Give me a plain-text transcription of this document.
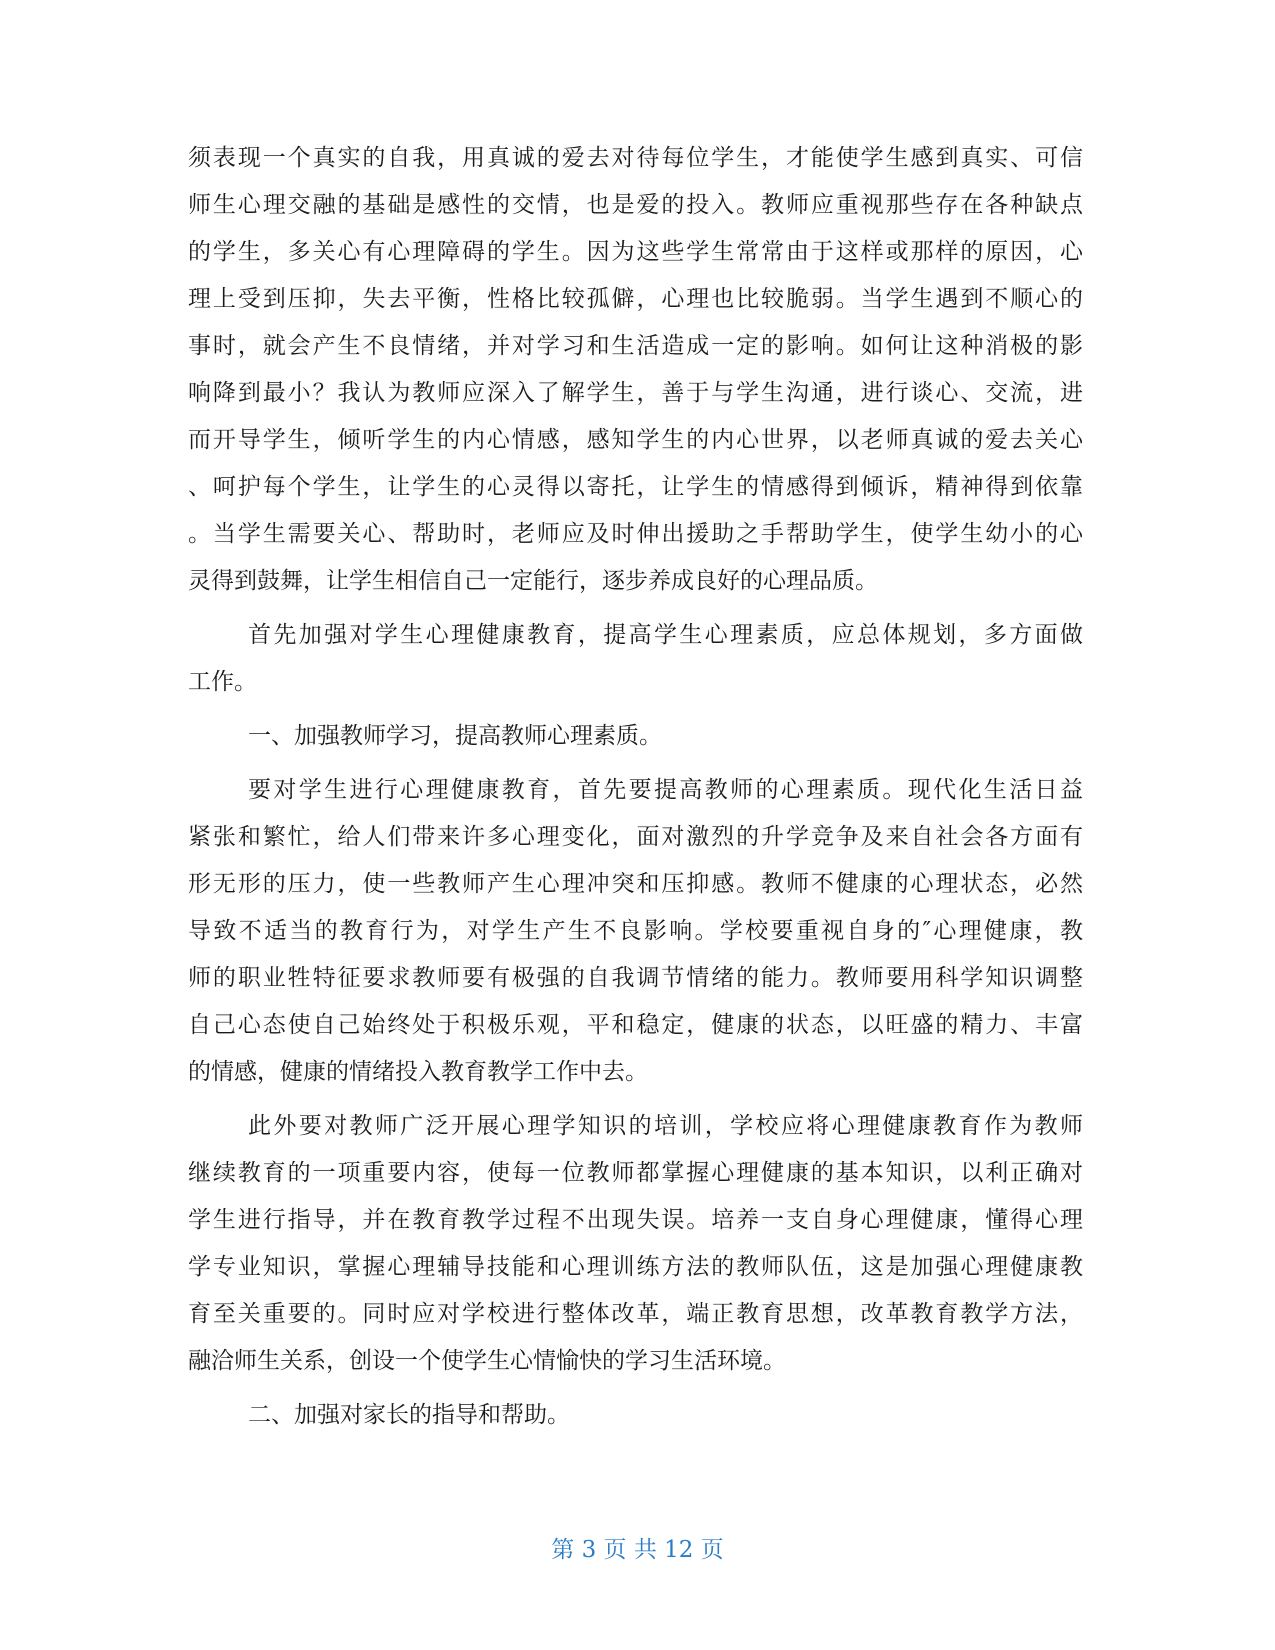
须表现一个真实的自我，用真诚的爱去对待每位学生，才能使学生感到真实、可信
师生心理交融的基础是感性的交情，也是爱的投入。教师应重视那些存在各种缺点
的学生，多关心有心理障碍的学生。因为这些学生常常由于这样或那样的原因，心
理上受到压抑，失去平衡，性格比较孤僻，心理也比较脆弱。当学生遇到不顺心的
事时，就会产生不良情绪，并对学习和生活造成一定的影响。如何让这种消极的影
响降到最小？我认为教师应深入了解学生，善于与学生沟通，进行谈心、交流，进
而开导学生，倾听学生的内心情感，感知学生的内心世界，以老师真诚的爱去关心
、呵护每个学生，让学生的心灵得以寄托，让学生的情感得到倾诉，精神得到依靠
。当学生需要关心、帮助时，老师应及时伸出援助之手帮助学生，使学生幼小的心
灵得到鼓舞，让学生相信自己一定能行，逐步养成良好的心理品质。
首先加强对学生心理健康教育，提高学生心理素质，应总体规划，多方面做
工作。
一、加强教师学习，提高教师心理素质。
要对学生进行心理健康教育，首先要提高教师的心理素质。现代化生活日益
紧张和繁忙，给人们带来许多心理变化，面对激烈的升学竞争及来自社会各方面有
形无形的压力，使一些教师产生心理冲突和压抑感。教师不健康的心理状态，必然
导致不适当的教育行为，对学生产生不良影响。学校要重视自身的″心理健康，教
师的职业牲特征要求教师要有极强的自我调节情绪的能力。教师要用科学知识调整
自己心态使自己始终处于积极乐观，平和稳定，健康的状态，以旺盛的精力、丰富
的情感，健康的情绪投入教育教学工作中去。
此外要对教师广泛开展心理学知识的培训，学校应将心理健康教育作为教师
继续教育的一项重要内容，使每一位教师都掌握心理健康的基本知识，以利正确对
学生进行指导，并在教育教学过程不出现失误。培养一支自身心理健康，懂得心理
学专业知识，掌握心理辅导技能和心理训练方法的教师队伍，这是加强心理健康教
育至关重要的。同时应对学校进行整体改革，端正教育思想，改革教育教学方法，
融洽师生关系，创设一个使学生心情愉快的学习生活环境。
二、加强对家长的指导和帮助。
第 3 页 共 12 页
